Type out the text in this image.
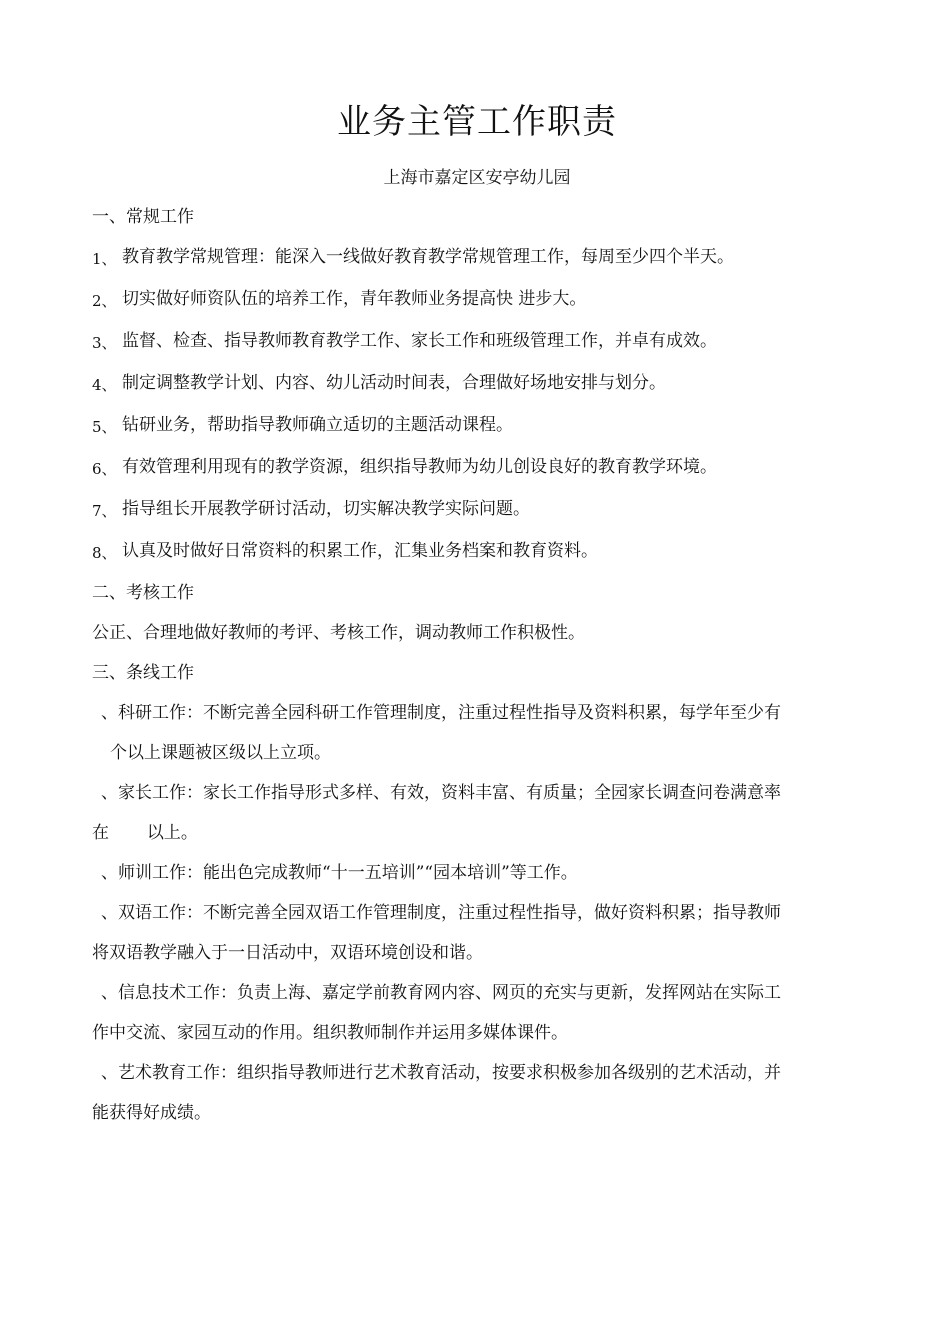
业务主管工作职责
上海市嘉定区安亭幼儿园
一、常规工作
1、 教育教学常规管理：能深入一线做好教育教学常规管理工作，每周至少四个半天。
2、 切实做好师资队伍的培养工作，青年教师业务提高快 进步大。
3、 监督、检查、指导教师教育教学工作、家长工作和班级管理工作，并卓有成效。
4、 制定调整教学计划、内容、幼儿活动时间表，合理做好场地安排与划分。
5、 钻研业务，帮助指导教师确立适切的主题活动课程。
6、 有效管理利用现有的教学资源，组织指导教师为幼儿创设良好的教育教学环境。
7、 指导组长开展教学研讨活动，切实解决教学实际问题。
8、 认真及时做好日常资料的积累工作，汇集业务档案和教育资料。
二、考核工作
公正、合理地做好教师的考评、考核工作，调动教师工作积极性。
三、条线工作
、科研工作：不断完善全园科研工作管理制度，注重过程性指导及资料积累，每学年至少有
个以上课题被区级以上立项。
、家长工作：家长工作指导形式多样、有效，资料丰富、有质量；全园家长调查问卷满意率
在       以上。
、师训工作：能出色完成教师“十一五培训”“园本培训”等工作。
、双语工作：不断完善全园双语工作管理制度，注重过程性指导，做好资料积累；指导教师
将双语教学融入于一日活动中，双语环境创设和谐。
、信息技术工作：负责上海、嘉定学前教育网内容、网页的充实与更新，发挥网站在实际工
作中交流、家园互动的作用。组织教师制作并运用多媒体课件。
、艺术教育工作：组织指导教师进行艺术教育活动，按要求积极参加各级别的艺术活动，并
能获得好成绩。
